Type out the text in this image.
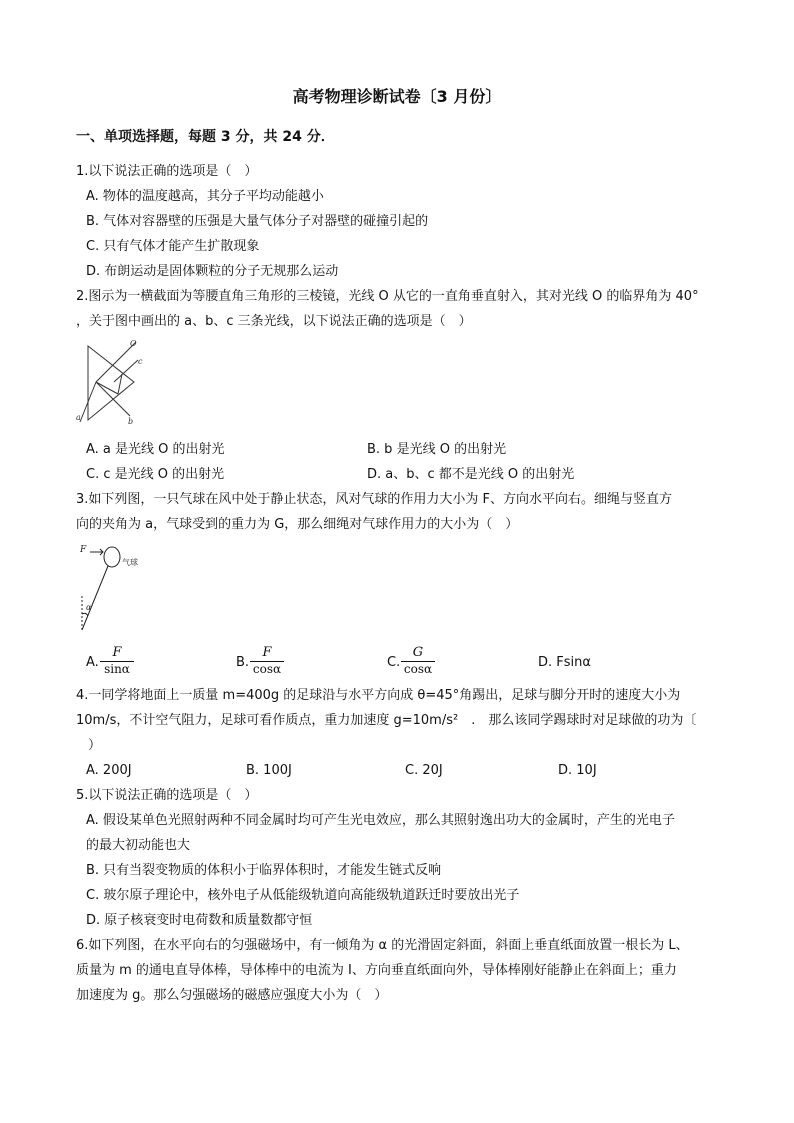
高考物理诊断试卷〔3 月份〕
一、单项选择题，每题 3 分，共 24 分．
1.以下说法正确的选项是（　）
A. 物体的温度越高，其分子平均动能越小
B. 气体对容器壁的压强是大量气体分子对器壁的碰撞引起的
C. 只有气体才能产生扩散现象
D. 布朗运动是固体颗粒的分子无规那么运动
2.图示为一横截面为等腰直角三角形的三棱镜，光线 O 从它的一直角垂直射入，其对光线 O 的临界角为 40°
，关于图中画出的 a、b、c 三条光线，以下说法正确的选项是（　）
O
c
a	b
A. a 是光线 O 的出射光	B. b 是光线 O 的出射光
C. c 是光线 O 的出射光	D. a、b、c 都不是光线 O 的出射光
3.如下列图，一只气球在风中处于静止状态，风对气球的作用力大小为 F、方向水平向右。细绳与竖直方
向的夹角为 a，气球受到的重力为 G，那么细绳对气球作用力的大小为（　）
F
α
气球
A.
F
sinα	B.
F
cosα	C.
G
cosα	D. Fsinα
4.一同学将地面上一质量 m=400g 的足球沿与水平方向成 θ=45°角踢出，足球与脚分开时的速度大小为
10m/s，不计空气阻力，足球可看作质点，重力加速度 g=10m/s²　.　那么该同学踢球时对足球做的功为〔
）
A. 200J	B. 100J	C. 20J	D. 10J
5.以下说法正确的选项是（　）
A. 假设某单色光照射两种不同金属时均可产生光电效应，那么其照射逸出功大的金属时，产生的光电子
的最大初动能也大
B. 只有当裂变物质的体积小于临界体积时，才能发生链式反响
C. 玻尔原子理论中，核外电子从低能级轨道向高能级轨道跃迁时要放出光子
D. 原子核衰变时电荷数和质量数都守恒
6.如下列图，在水平向右的匀强磁场中，有一倾角为 α 的光滑固定斜面，斜面上垂直纸面放置一根长为 L、
质量为 m 的通电直导体棒，导体棒中的电流为 I、方向垂直纸面向外，导体棒刚好能静止在斜面上；重力
加速度为 g。那么匀强磁场的磁感应强度大小为（　）
